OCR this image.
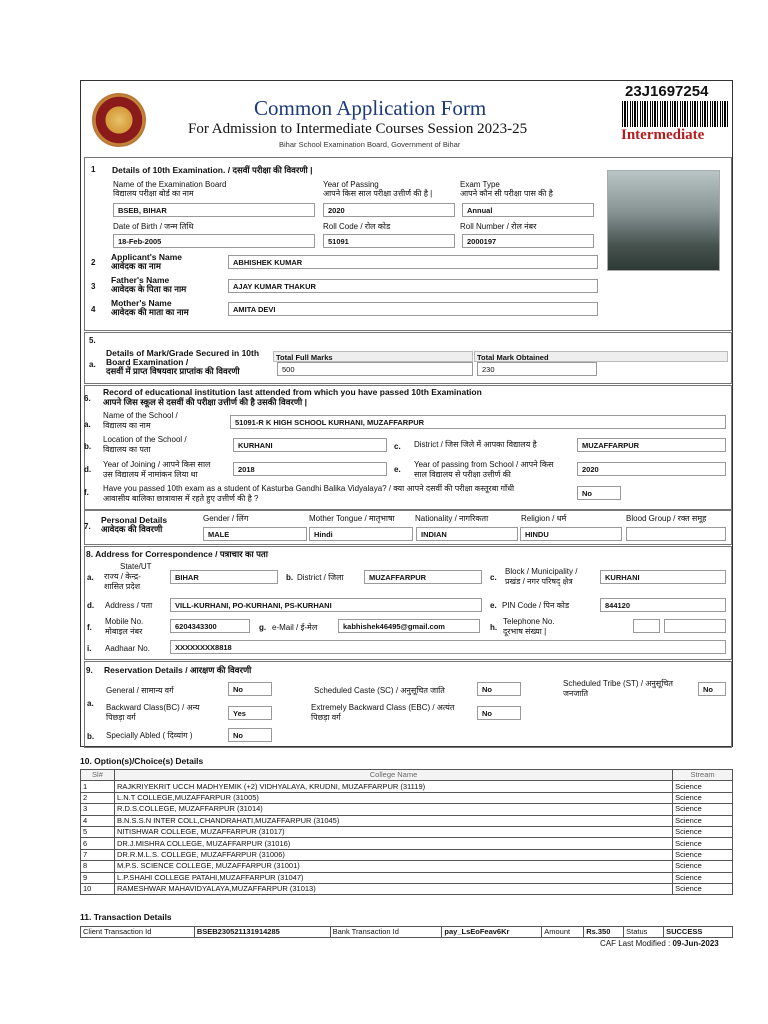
Common Application Form
For Admission to Intermediate Courses Session 2023-25
Bihar School Examination Board, Government of Bihar
23J1697254
Intermediate
1 Details of 10th Examination. / दसवीं परीक्षा की विवरणी |
Name of the Examination Board
विद्यालय परीक्षा बोर्ड का नाम
BSEB, BIHAR
Year of Passing
आपने किस साल परीक्षा उत्तीर्ण की है |
2020
Exam Type
आपने कौन सी परीक्षा पास की है
Annual
Date of Birth / जन्म तिथि
18-Feb-2005
Roll Code / रोल कोड
51091
Roll Number / रोल नंबर
2000197
2
Applicant's Name
आवेदक का नाम	ABHISHEK KUMAR
3
Father's Name
आवेदक के पिता का नाम	AJAY KUMAR THAKUR
4
Mother's Name
आवेदक की माता का नाम	AMITA DEVI
5.
a.
Details of Mark/Grade Secured in 10th
Board Examination /
दसवीं में प्राप्त विषयवार प्राप्तांक की विवरणी
Total Full Marks
500
Total Mark Obtained
230
6.
Record of educational institution last attended from which you have passed 10th Examination
आपने जिस स्कूल से दसवीं की परीक्षा उत्तीर्ण की है उसकी विवरणी |
a.
Name of the School /
विद्यालय का नाम	51091-R K HIGH SCHOOL KURHANI, MUZAFFARPUR
b.
Location of the School /
विद्यालय का पता	KURHANI	c. District / जिस जिले में आपका विद्यालय है	MUZAFFARPUR
d.
Year of Joining / आपने किस साल
उस विद्यालय में नामांकन लिया था
2018	e.
Year of passing from School / आपने किस
साल विद्यालय से परीक्षा उत्तीर्ण की
2020
f. Have you passed 10th exam as a student of Kasturba Gandhi Balika Vidyalaya? / क्या आपने दसवीं की परीक्षा कस्तूरबा गाँधी
आवासीय बालिका छात्रावास में रहते हुए उत्तीर्ण की है ?
No
7.
Personal Details
आवेदक की विवरणी
Gender / लिंग
MALE
Mother Tongue / मातृभाषा
Hindi
Nationality / नागरिकता
INDIAN
Religion / धर्म
HINDU
Blood Group / रक्त समूह
8. Address for Correspondence / पत्राचार का पता
a.
State/UT
राज्य / केन्द्र-
शासित प्रदेश
BIHAR	b. District / जिला	MUZAFFARPUR	c.
Block / Municipality /
प्रखंड / नगर परिषद् क्षेत्र	KURHANI
d. Address / पता	VILL-KURHANI, PO-KURHANI, PS-KURHANI	e. PIN Code / पिन कोड	844120
f.
Mobile No.
मोबाइल नंबर
6204343300	g. e-Mail / ई-मेल	kabhishek46495@gmail.com	h.
Telephone No.
दूरभाष संख्या |
i. Aadhaar No.	XXXXXXXX8818
9. Reservation Details / आरक्षण की विवरणी
a.
General / सामान्य वर्ग	No	Scheduled Caste (SC) / अनुसूचित जाति	No
Scheduled Tribe (ST) / अनुसूचित
जनजाति	No
Backward Class(BC) / अन्य
पिछड़ा वर्ग	Yes
Extremely Backward Class (EBC) / अत्यंत
पिछड़ा वर्ग	No
b. Specially Abled ( दिव्यांग )	No
10. Option(s)/Choice(s) Details
Sl#	College Name	Stream
1	RAJKRIYEKRIT UCCH MADHYEMIK (+2) VIDHYALAYA, KRUDNI, MUZAFFARPUR (31119)	Science
2	L.N.T COLLEGE,MUZAFFARPUR (31005)	Science
3	R.D.S.COLLEGE, MUZAFFARPUR (31014)	Science
4	B.N.S.S.N INTER COLL,CHANDRAHATI,MUZAFFARPUR (31045)	Science
5	NITISHWAR COLLEGE, MUZAFFARPUR (31017)	Science
6	DR.J.MISHRA COLLEGE, MUZAFFARPUR (31016)	Science
7	DR.R.M.L.S. COLLEGE, MUZAFFARPUR (31006)	Science
8	M.P.S. SCIENCE COLLEGE, MUZAFFARPUR (31001)	Science
9	L.P.SHAHI COLLEGE PATAHI,MUZAFFARPUR (31047)	Science
10	RAMESHWAR MAHAVIDYALAYA,MUZAFFARPUR (31013)	Science
11. Transaction Details
Client Transaction Id	BSEB230521131914285	Bank Transaction Id	pay_LsEoFeav6Kr	Amount	Rs.350	Status	SUCCESS
CAF Last Modified : 09-Jun-2023
